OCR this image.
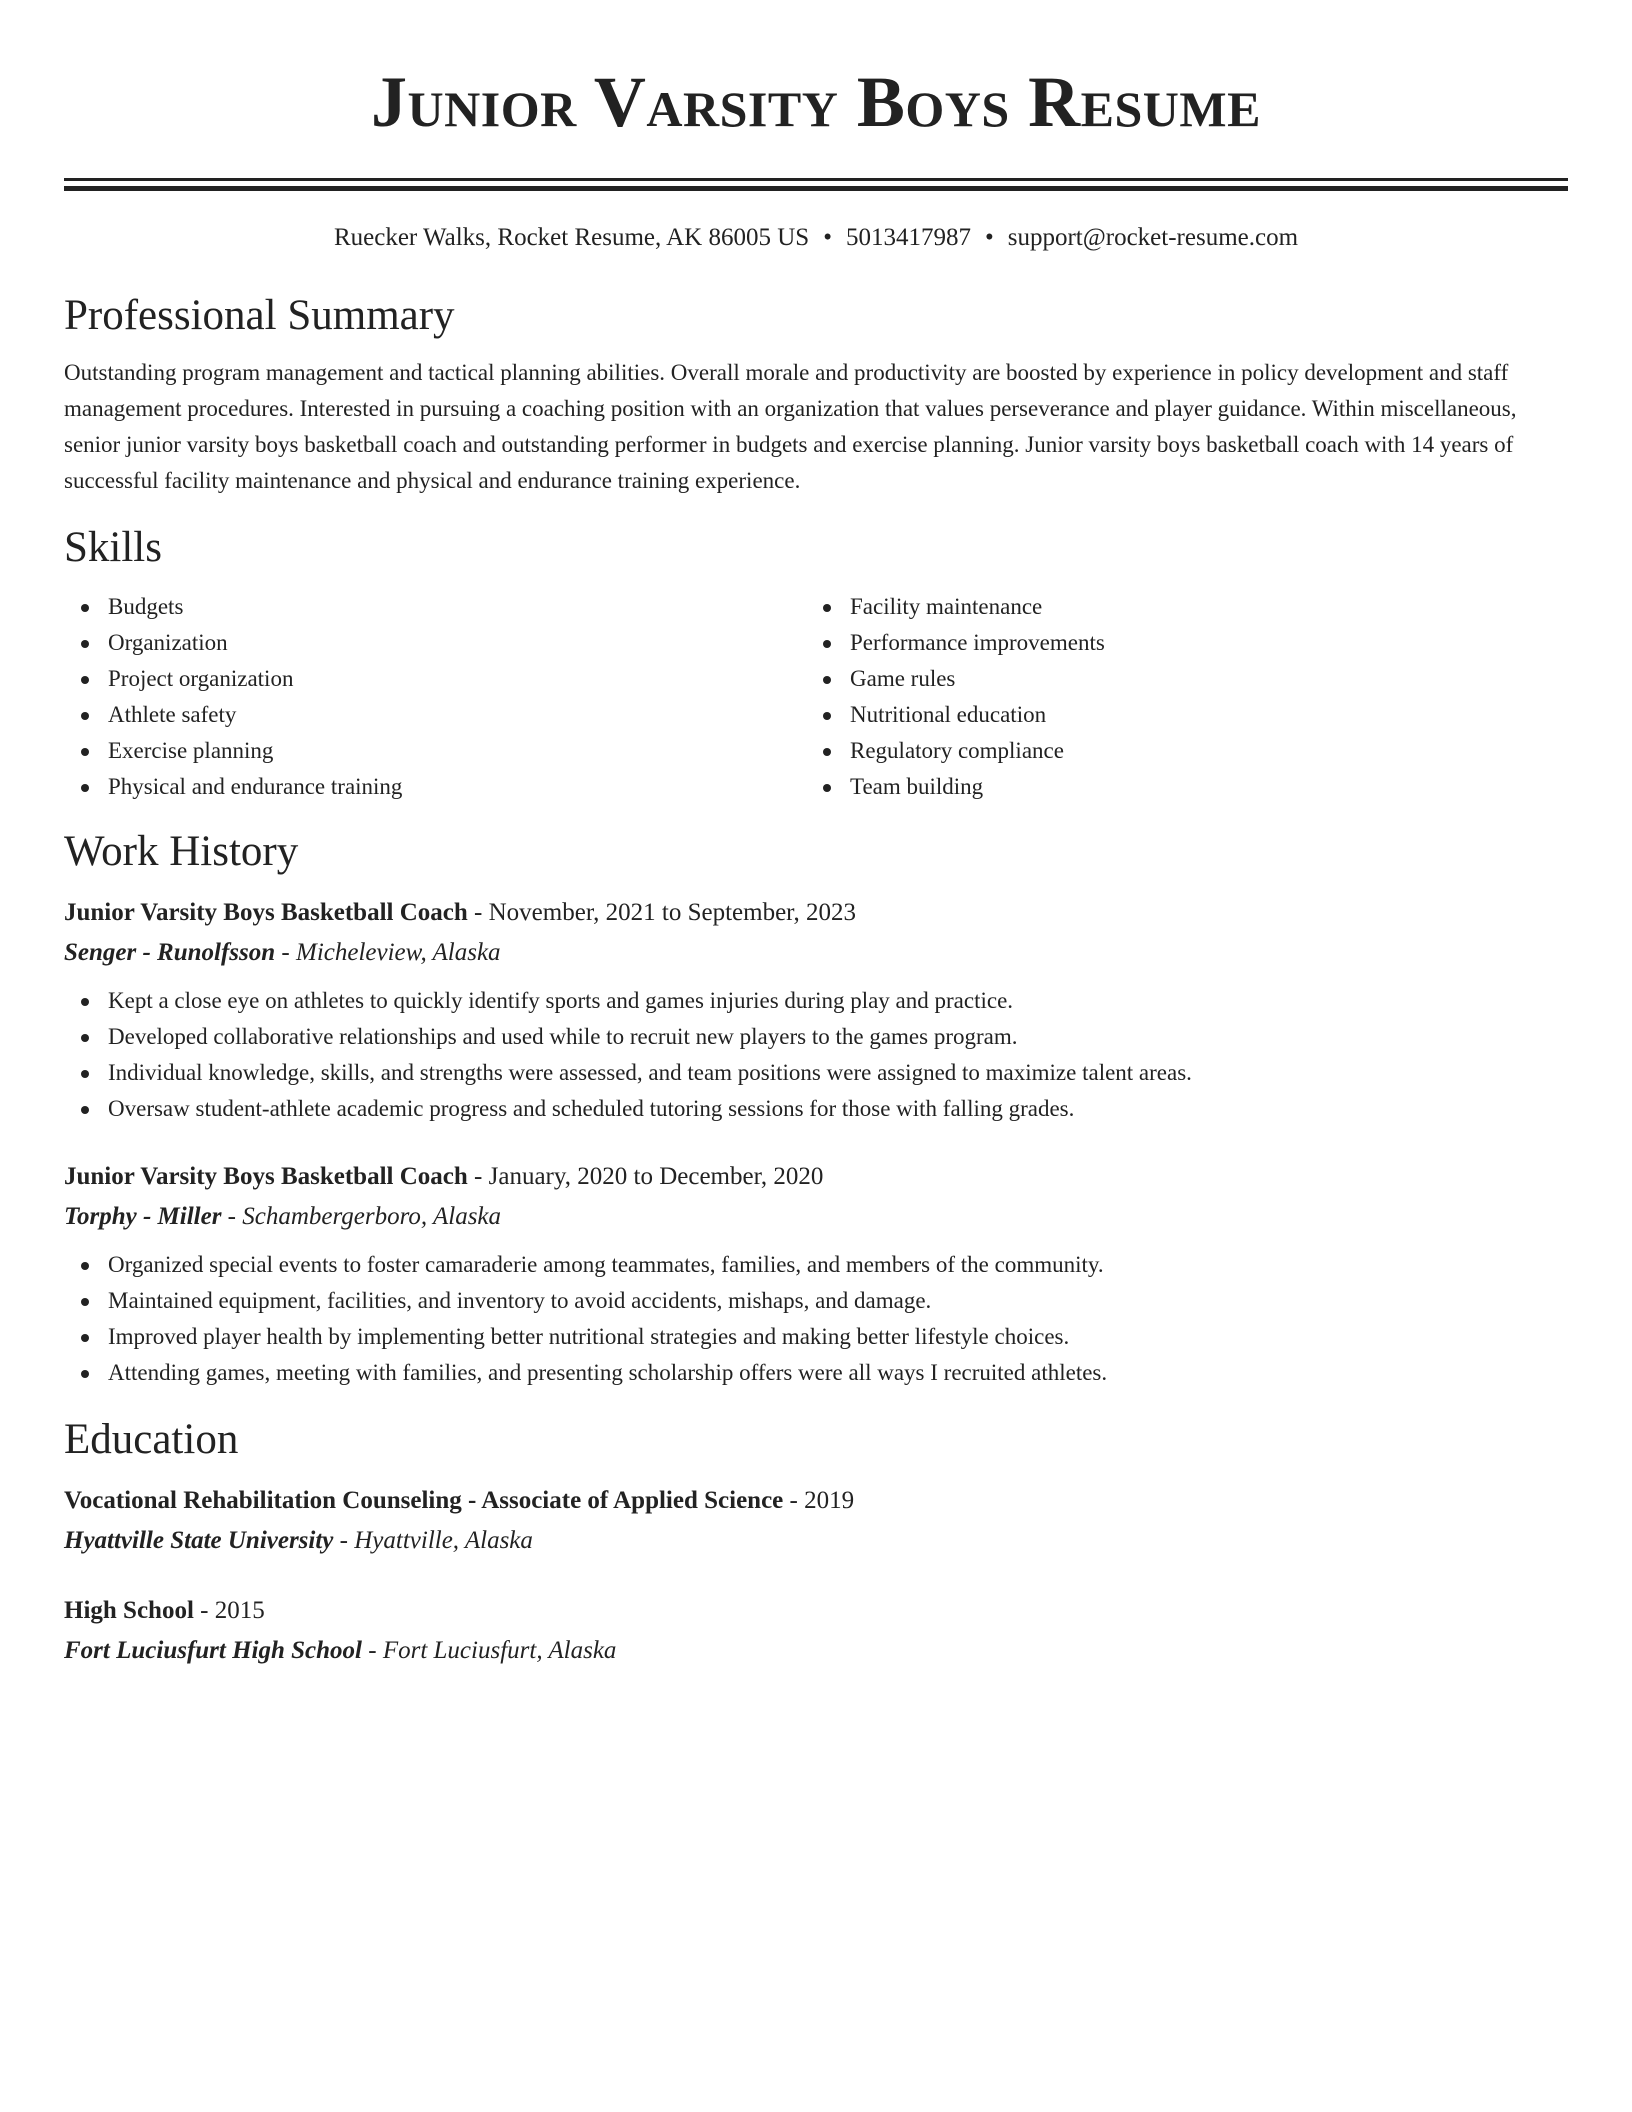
Junior Varsity Boys Resume
Ruecker Walks, Rocket Resume, AK 86005 US • 5013417987 • support@rocket-resume.com
Professional Summary
Outstanding program management and tactical planning abilities. Overall morale and productivity are boosted by experience in policy development and staff management procedures. Interested in pursuing a coaching position with an organization that values perseverance and player guidance. Within miscellaneous, senior junior varsity boys basketball coach and outstanding performer in budgets and exercise planning. Junior varsity boys basketball coach with 14 years of successful facility maintenance and physical and endurance training experience.
Skills
Budgets
Organization
Project organization
Athlete safety
Exercise planning
Physical and endurance training
Facility maintenance
Performance improvements
Game rules
Nutritional education
Regulatory compliance
Team building
Work History
Junior Varsity Boys Basketball Coach - November, 2021 to September, 2023
Senger - Runolfsson - Micheleview, Alaska
Kept a close eye on athletes to quickly identify sports and games injuries during play and practice.
Developed collaborative relationships and used while to recruit new players to the games program.
Individual knowledge, skills, and strengths were assessed, and team positions were assigned to maximize talent areas.
Oversaw student-athlete academic progress and scheduled tutoring sessions for those with falling grades.
Junior Varsity Boys Basketball Coach - January, 2020 to December, 2020
Torphy - Miller - Schambergerboro, Alaska
Organized special events to foster camaraderie among teammates, families, and members of the community.
Maintained equipment, facilities, and inventory to avoid accidents, mishaps, and damage.
Improved player health by implementing better nutritional strategies and making better lifestyle choices.
Attending games, meeting with families, and presenting scholarship offers were all ways I recruited athletes.
Education
Vocational Rehabilitation Counseling - Associate of Applied Science - 2019
Hyattville State University - Hyattville, Alaska
High School - 2015
Fort Luciusfurt High School - Fort Luciusfurt, Alaska
